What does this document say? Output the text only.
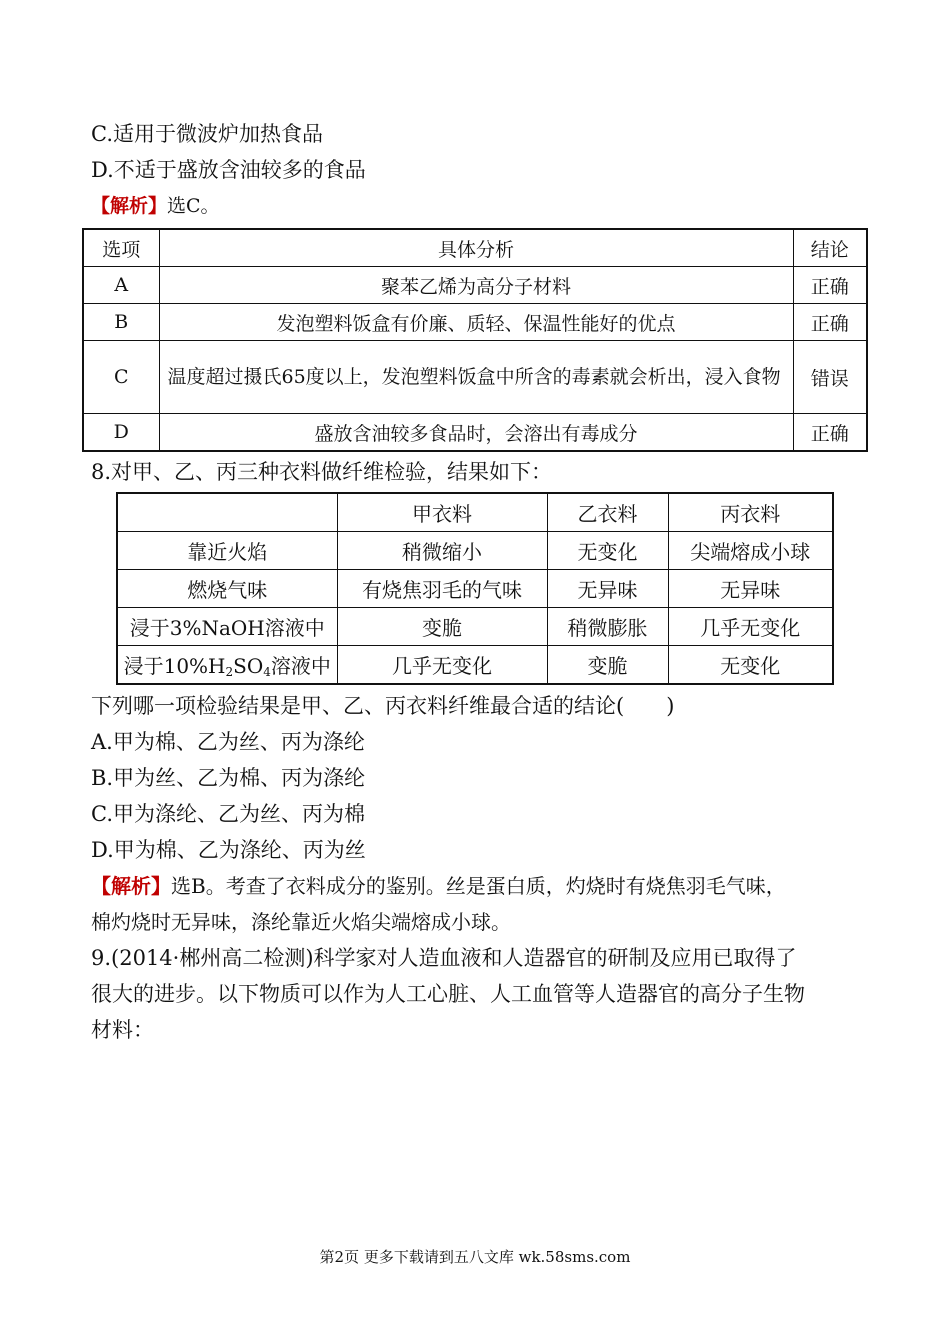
C.适用于微波炉加热食品
D.不适于盛放含油较多的食品
【解析】选C。
选项	具体分析	结论
A	聚苯乙烯为高分子材料	正确
B	发泡塑料饭盒有价廉、质轻、保温性能好的优点	正确
C	温度超过摄氏65度以上，发泡塑料饭盒中所含的毒素就会析出，浸入食物	错误
D	盛放含油较多食品时，会溶出有毒成分	正确
8.对甲、乙、丙三种衣料做纤维检验，结果如下：
	甲衣料	乙衣料	丙衣料
靠近火焰	稍微缩小	无变化	尖端熔成小球
燃烧气味	有烧焦羽毛的气味	无异味	无异味
浸于3%NaOH溶液中	变脆	稍微膨胀	几乎无变化
浸于$10\%H_2SO_4$溶液中	几乎无变化	变脆	无变化
下列哪一项检验结果是甲、乙、丙衣料纤维最合适的结论(　　)
A.甲为棉、乙为丝、丙为涤纶
B.甲为丝、乙为棉、丙为涤纶
C.甲为涤纶、乙为丝、丙为棉
D.甲为棉、乙为涤纶、丙为丝
【解析】选B。考查了衣料成分的鉴别。丝是蛋白质，灼烧时有烧焦羽毛气味，
棉灼烧时无异味，涤纶靠近火焰尖端熔成小球。
9.(2014·郴州高二检测)科学家对人造血液和人造器官的研制及应用已取得了
很大的进步。以下物质可以作为人工心脏、人工血管等人造器官的高分子生物
材料：
第2页 更多下载请到五八文库 wk.58sms.com
